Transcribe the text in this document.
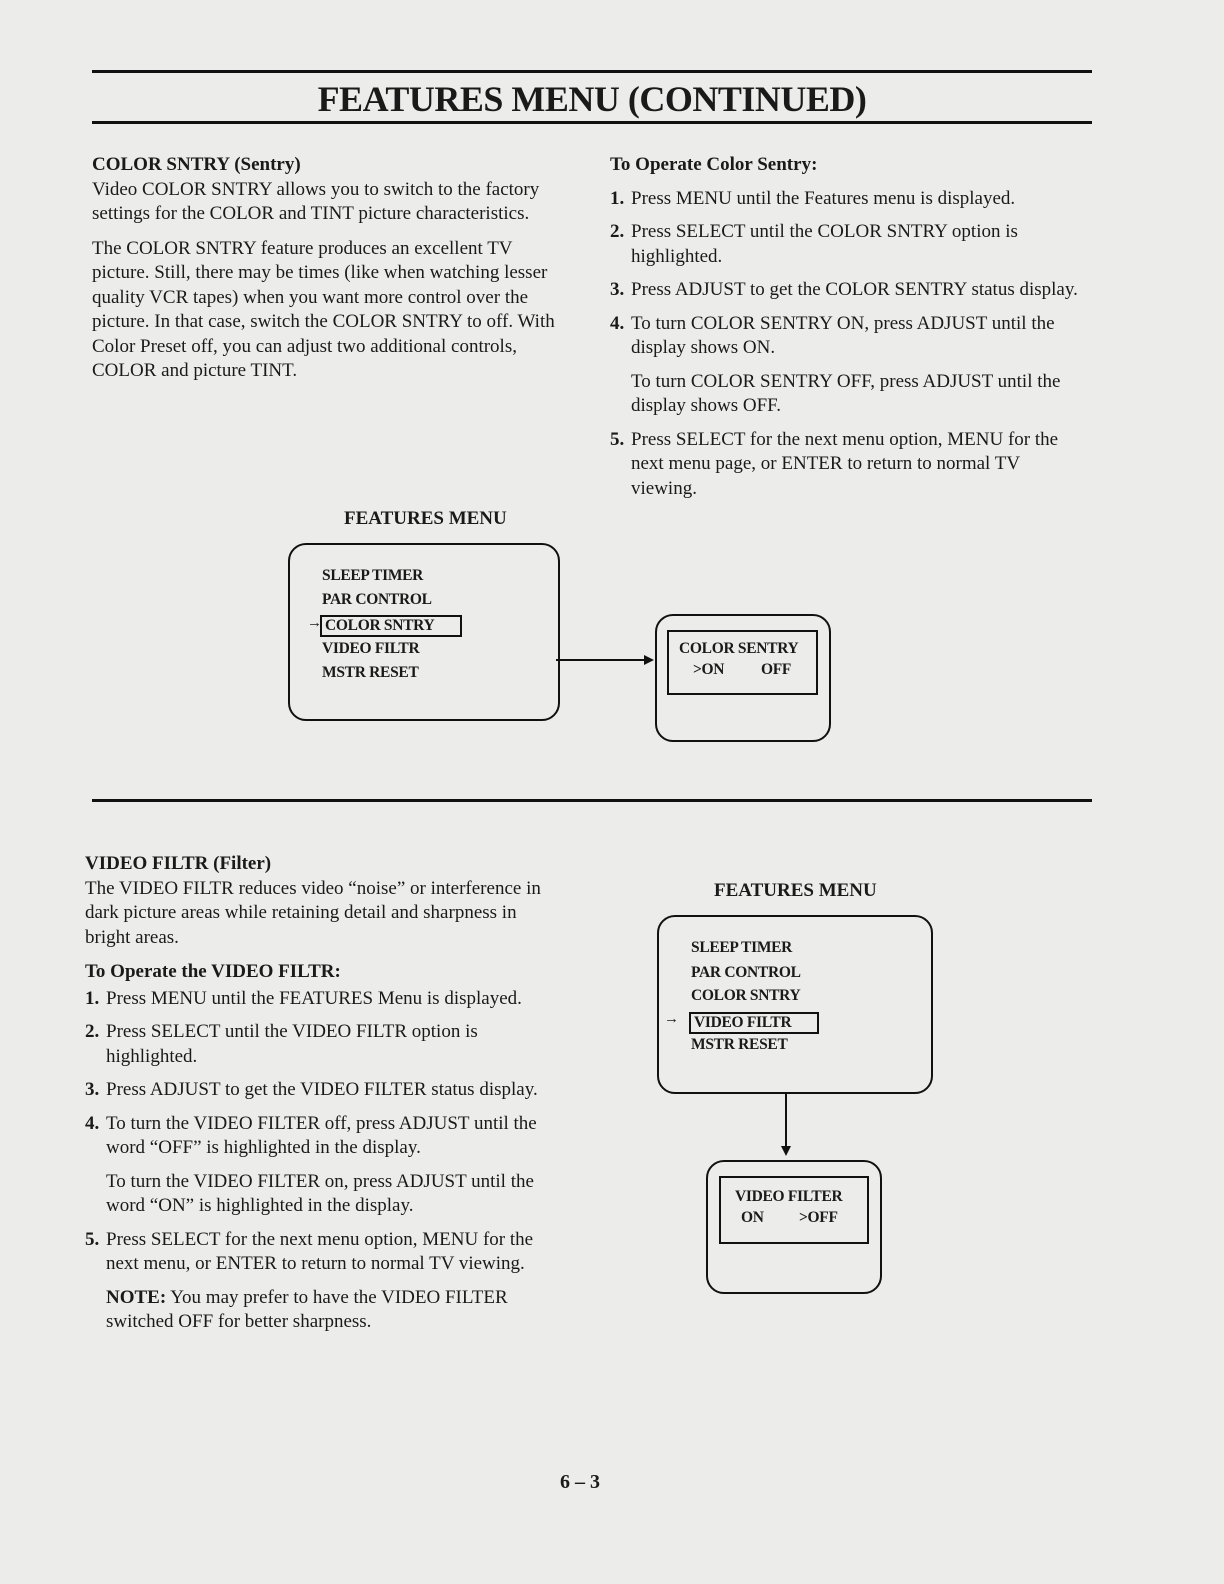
FEATURES MENU (CONTINUED)
COLOR SNTRY (Sentry)

Video COLOR SNTRY allows you to switch to the factory settings for the COLOR and TINT picture characteristics.

The COLOR SNTRY feature produces an excellent TV picture. Still, there may be times (like when watching lesser quality VCR tapes) when you want more control over the picture. In that case, switch the COLOR SNTRY to off. With Color Preset off, you can adjust two additional controls, COLOR and picture TINT.

To Operate Color Sentry:
1. Press MENU until the Features menu is displayed.
2. Press SELECT until the COLOR SNTRY option is highlighted.
3. Press ADJUST to get the COLOR SENTRY status display.
4. To turn COLOR SENTRY ON, press ADJUST until the display shows ON.
To turn COLOR SENTRY OFF, press ADJUST until the display shows OFF.
5. Press SELECT for the next menu option, MENU for the next menu page, or ENTER to return to normal TV viewing.
FEATURES MENU
SLEEP TIMER
PAR CONTROL
COLOR SNTRY
VIDEO FILTR
MSTR RESET
→
COLOR SENTRY
>ON OFF
VIDEO FILTR (Filter)

The VIDEO FILTR reduces video “noise” or interference in dark picture areas while retaining detail and sharpness in bright areas.

To Operate the VIDEO FILTR:
1. Press MENU until the FEATURES Menu is displayed.
2. Press SELECT until the VIDEO FILTR option is highlighted.
3. Press ADJUST to get the VIDEO FILTER status display.
4. To turn the VIDEO FILTER off, press ADJUST until the word “OFF” is highlighted in the display.
To turn the VIDEO FILTER on, press ADJUST until the word “ON” is highlighted in the display.
5. Press SELECT for the next menu option, MENU for the next menu, or ENTER to return to normal TV viewing.
NOTE: You may prefer to have the VIDEO FILTER switched OFF for better sharpness.
FEATURES MENU
SLEEP TIMER
PAR CONTROL
COLOR SNTRY
VIDEO FILTR
MSTR RESET
→
VIDEO FILTER
ON >OFF
6 – 3
